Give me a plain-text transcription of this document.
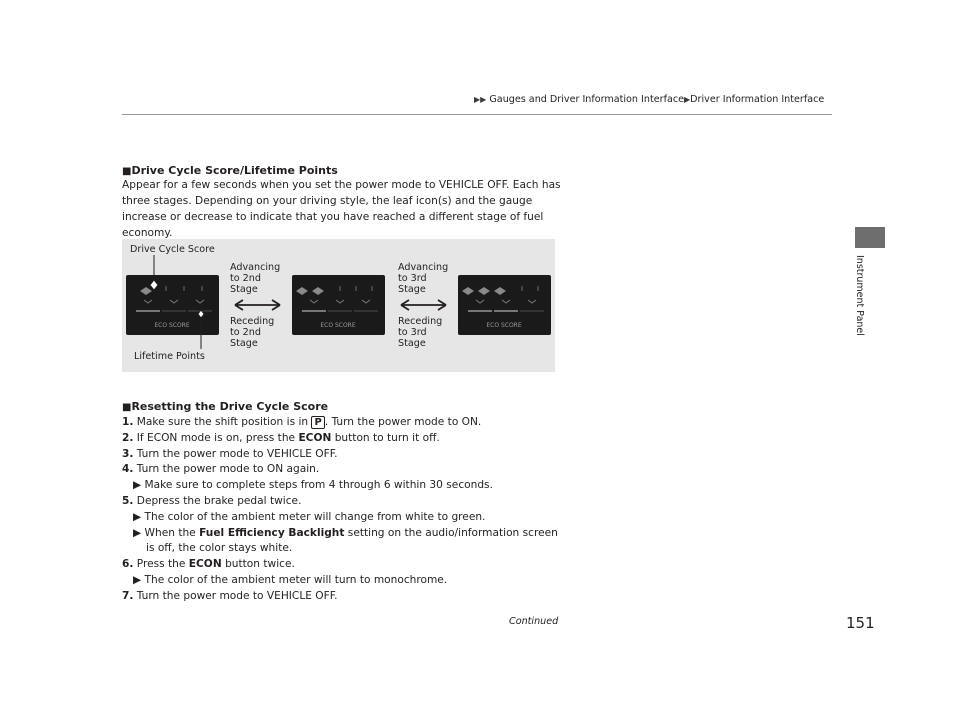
▶▶ Gauges and Driver Information Interface▶Driver Information Interface
Instrument Panel
■Drive Cycle Score/Lifetime Points
Appear for a few seconds when you set the power mode to VEHICLE OFF. Each has
three stages. Depending on your driving style, the leaf icon(s) and the gauge
increase or decrease to indicate that you have reached a different stage of fuel
economy.
Drive Cycle Score
Lifetime Points
ECO SCORE	ECO SCORE	ECO SCORE
Advancing
to 2nd
Stage
Receding
to 2nd
Stage
Advancing
to 3rd
Stage
Receding
to 3rd
Stage
■Resetting the Drive Cycle Score
1. Make sure the shift position is in P . Turn the power mode to ON.
2. If ECON mode is on, press the ECON button to turn it off.
3. Turn the power mode to VEHICLE OFF.
4. Turn the power mode to ON again.
▶ Make sure to complete steps from 4 through 6 within 30 seconds.
5. Depress the brake pedal twice.
▶ The color of the ambient meter will change from white to green.
▶ When the Fuel Efficiency Backlight setting on the audio/information screen
is off, the color stays white.
6. Press the ECON button twice.
▶ The color of the ambient meter will turn to monochrome.
7. Turn the power mode to VEHICLE OFF.
Continued	151
